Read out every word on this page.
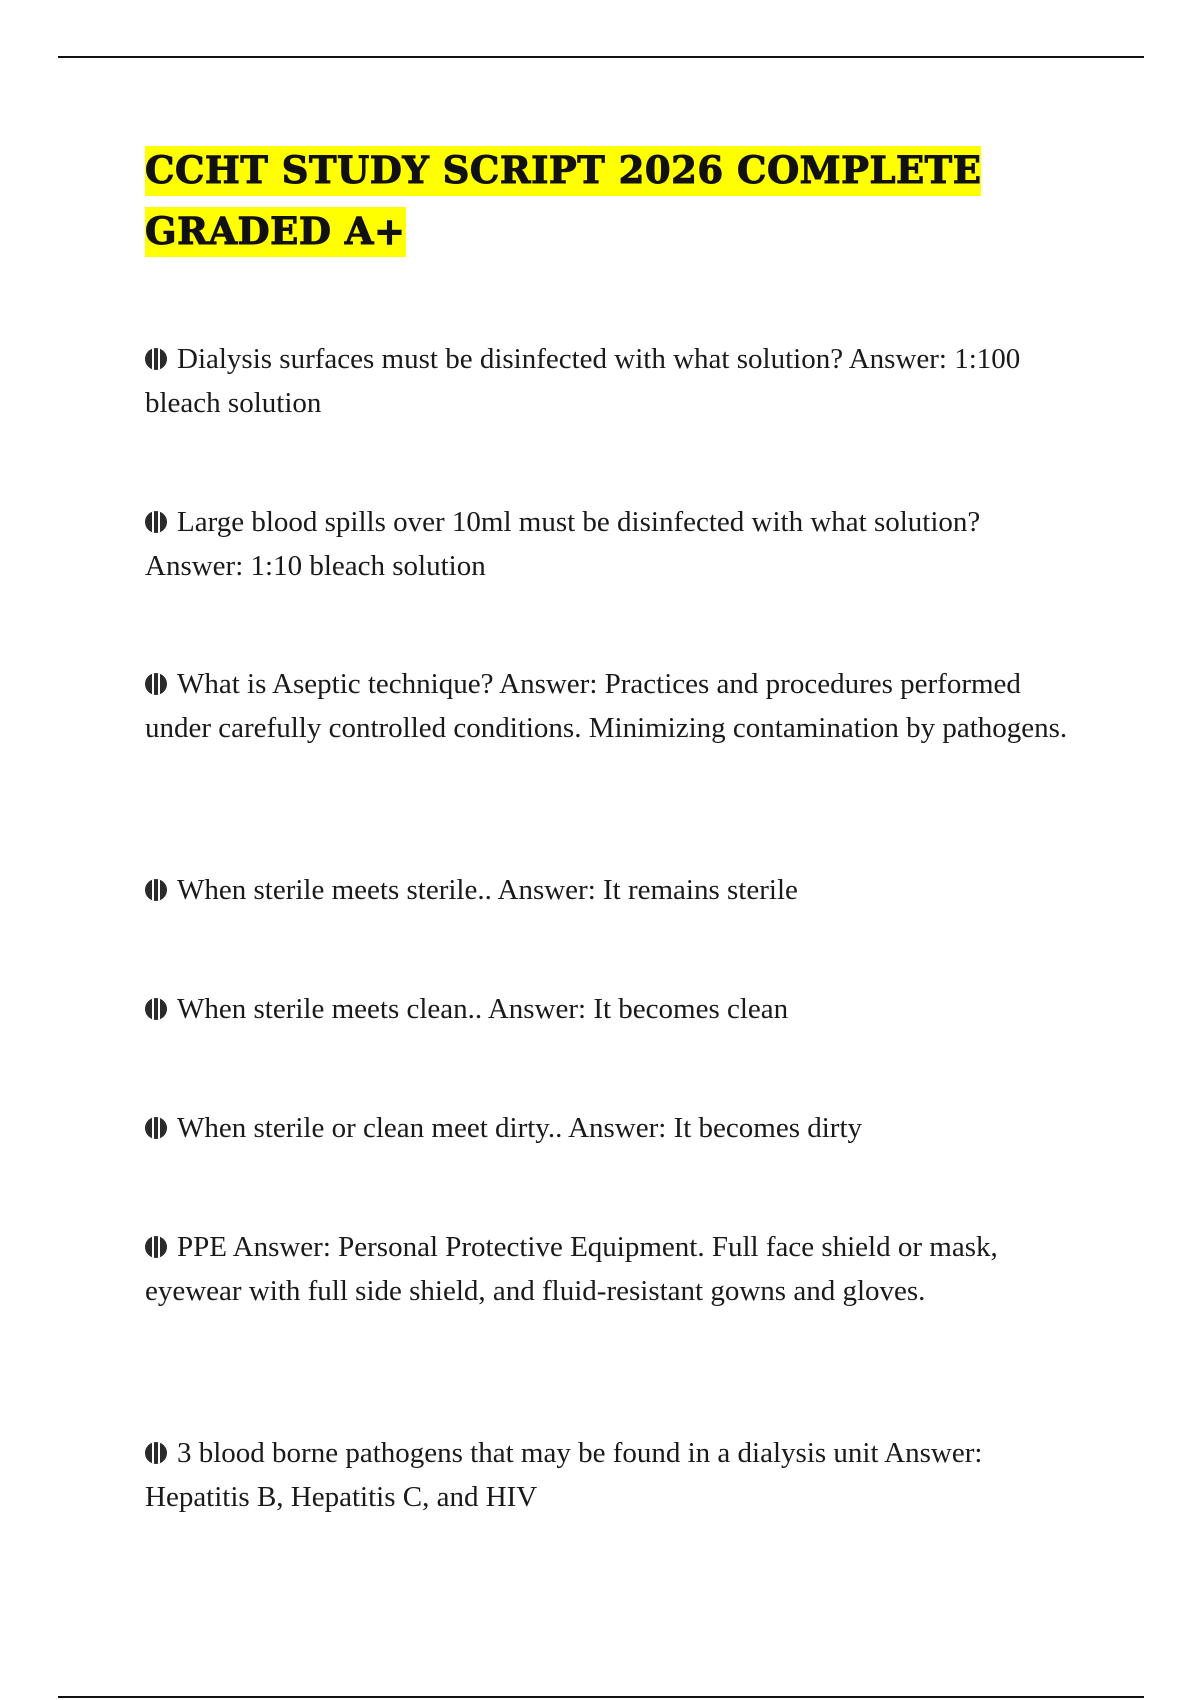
CCHT STUDY SCRIPT 2026 COMPLETE
GRADED A+
Dialysis surfaces must be disinfected with what solution? Answer: 1:100 bleach solution
Large blood spills over 10ml must be disinfected with what solution? Answer: 1:10 bleach solution
What is Aseptic technique? Answer: Practices and procedures performed under carefully controlled conditions. Minimizing contamination by pathogens.
When sterile meets sterile.. Answer: It remains sterile
When sterile meets clean.. Answer: It becomes clean
When sterile or clean meet dirty.. Answer: It becomes dirty
PPE Answer: Personal Protective Equipment. Full face shield or mask, eyewear with full side shield, and fluid-resistant gowns and gloves.
3 blood borne pathogens that may be found in a dialysis unit Answer: Hepatitis B, Hepatitis C, and HIV
